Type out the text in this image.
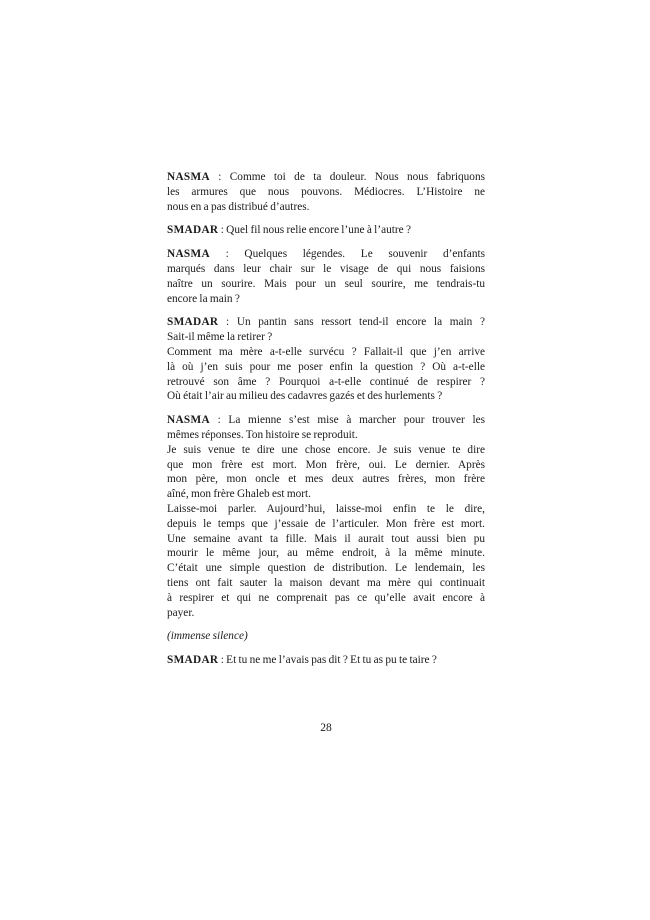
NASMA : Comme toi de ta douleur. Nous nous fabriquons
les armures que nous pouvons. Médiocres. L’Histoire ne
nous en a pas distribué d’autres.
SMADAR : Quel fil nous relie encore l’une à l’autre ?
NASMA : Quelques légendes. Le souvenir d’enfants
marqués dans leur chair sur le visage de qui nous faisions
naître un sourire. Mais pour un seul sourire, me tendrais-tu
encore la main ?
SMADAR : Un pantin sans ressort tend-il encore la main ?
Sait-il même la retirer ?
Comment ma mère a-t-elle survécu ? Fallait-il que j’en arrive
là où j’en suis pour me poser enfin la question ? Où a-t-elle
retrouvé son âme ? Pourquoi a-t-elle continué de respirer ?
Où était l’air au milieu des cadavres gazés et des hurlements ?
NASMA : La mienne s’est mise à marcher pour trouver les
mêmes réponses. Ton histoire se reproduit.
Je suis venue te dire une chose encore. Je suis venue te dire
que mon frère est mort. Mon frère, oui. Le dernier. Après
mon père, mon oncle et mes deux autres frères, mon frère
aîné, mon frère Ghaleb est mort.
Laisse-moi parler. Aujourd’hui, laisse-moi enfin te le dire,
depuis le temps que j’essaie de l’articuler. Mon frère est mort.
Une semaine avant ta fille. Mais il aurait tout aussi bien pu
mourir le même jour, au même endroit, à la même minute.
C’était une simple question de distribution. Le lendemain, les
tiens ont fait sauter la maison devant ma mère qui continuait
à respirer et qui ne comprenait pas ce qu’elle avait encore à
payer.
(immense silence)
SMADAR : Et tu ne me l’avais pas dit ? Et tu as pu te taire ?
28
